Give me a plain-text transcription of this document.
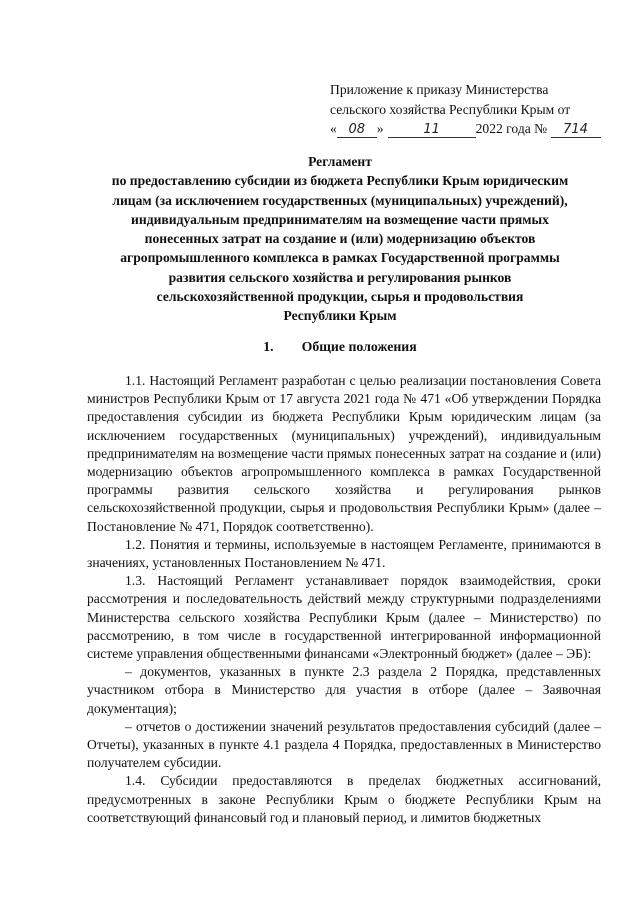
Приложение к приказу Министерства
сельского хозяйства Республики Крым от
« 08 »	11	2022 года № 714
Регламент
по предоставлению субсидии из бюджета Республики Крым юридическим
лицам (за исключением государственных (муниципальных) учреждений),
индивидуальным предпринимателям на возмещение части прямых
понесенных затрат на создание и (или) модернизацию объектов
агропромышленного комплекса в рамках Государственной программы
развития сельского хозяйства и регулирования рынков
сельскохозяйственной продукции, сырья и продовольствия
Республики Крым
1. Общие положения

1.1. Настоящий Регламент разработан с целью реализации постановления Совета министров Республики Крым от 17 августа 2021 года № 471 «Об утверждении Порядка предоставления субсидии из бюджета Республики Крым юридическим лицам (за исключением государственных (муниципальных) учреждений), индивидуальным предпринимателям на возмещение части прямых понесенных затрат на создание и (или) модернизацию объектов агропромышленного комплекса в рамках Государственной программы развития сельского хозяйства и регулирования рынков сельскохозяйственной продукции, сырья и продовольствия Республики Крым» (далее – Постановление № 471, Порядок соответственно).

1.2. Понятия и термины, используемые в настоящем Регламенте, принимаются в значениях, установленных Постановлением № 471.

1.3. Настоящий Регламент устанавливает порядок взаимодействия, сроки рассмотрения и последовательность действий между структурными подразделениями Министерства сельского хозяйства Республики Крым (далее – Министерство) по рассмотрению, в том числе в государственной интегрированной информационной системе управления общественными финансами «Электронный бюджет» (далее – ЭБ):

– документов, указанных в пункте 2.3 раздела 2 Порядка, представленных участником отбора в Министерство для участия в отборе (далее – Заявочная документация);

– отчетов о достижении значений результатов предоставления субсидий (далее – Отчеты), указанных в пункте 4.1 раздела 4 Порядка, предоставленных в Министерство получателем субсидии.

1.4. Субсидии предоставляются в пределах бюджетных ассигнований, предусмотренных в законе Республики Крым о бюджете Республики Крым на соответствующий финансовый год и плановый период, и лимитов бюджетных
